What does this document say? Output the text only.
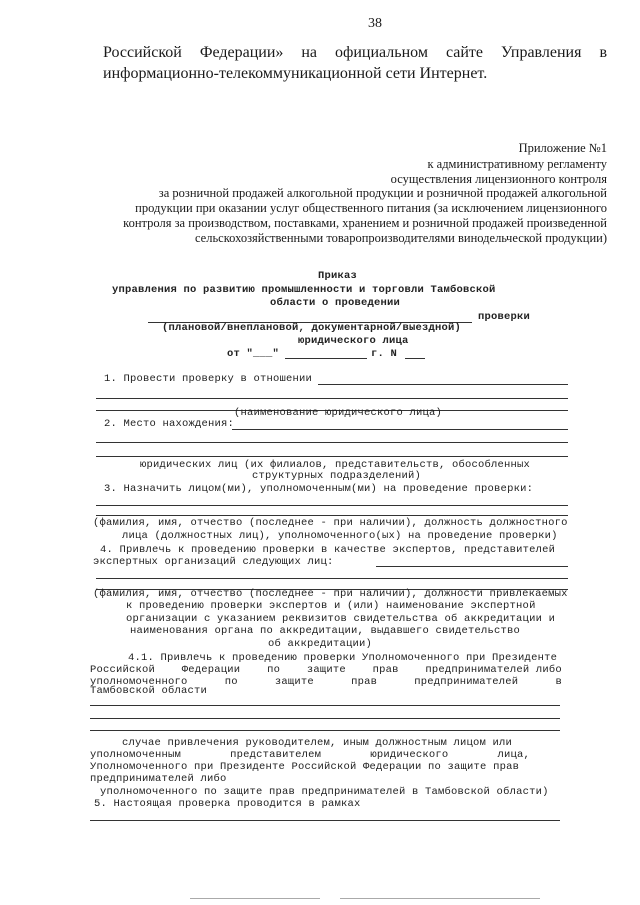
38
Российской Федерации» на официальном сайте Управления в
информационно-телекоммуникационной сети Интернет.
Приложение №1
к административному регламенту
осуществления лицензионного контроля
за розничной продажей алкогольной продукции и розничной продажей алкогольной
продукции при оказании услуг общественного питания (за исключением лицензионного
контроля за производством, поставками, хранением и розничной продажей произведенной
сельскохозяйственными товаропроизводителями винодельческой продукции)
Приказ
управления по развитию промышленности и торговли Тамбовской
области о проведении
проверки
(плановой/внеплановой, документарной/выездной)
юридического лица
от "___"	г. N
1. Провести проверку в отношении
(наименование юридического лица)
2. Место нахождения:
юридических лиц (их филиалов, представительств, обособленных
структурных подразделений)
3. Назначить лицом(ми), уполномоченным(ми) на проведение проверки:
(фамилия, имя, отчество (последнее - при наличии), должность должностного
лица (должностных лиц), уполномоченного(ых) на проведение проверки)
4. Привлечь к проведению проверки в качестве экспертов, представителей
экспертных организаций следующих лиц:
(фамилия, имя, отчество (последнее - при наличии), должности привлекаемых
к проведению проверки экспертов и (или) наименование экспертной
организации с указанием реквизитов свидетельства об аккредитации и
наименования органа по аккредитации, выдавшего свидетельство
об аккредитации)
4.1. Привлечь к проведению проверки Уполномоченного при Президенте
Российской	Федерации	по	защите	прав	предпринимателей либо
уполномоченного	по	защите	прав	предпринимателей	в
Тамбовской области
случае привлечения руководителем, иным должностным лицом или
уполномоченным	представителем	юридического	лица,
Уполномоченного при Президенте Российской Федерации по защите прав
предпринимателей либо
уполномоченного по защите прав предпринимателей в Тамбовской области)
5. Настоящая проверка проводится в рамках
